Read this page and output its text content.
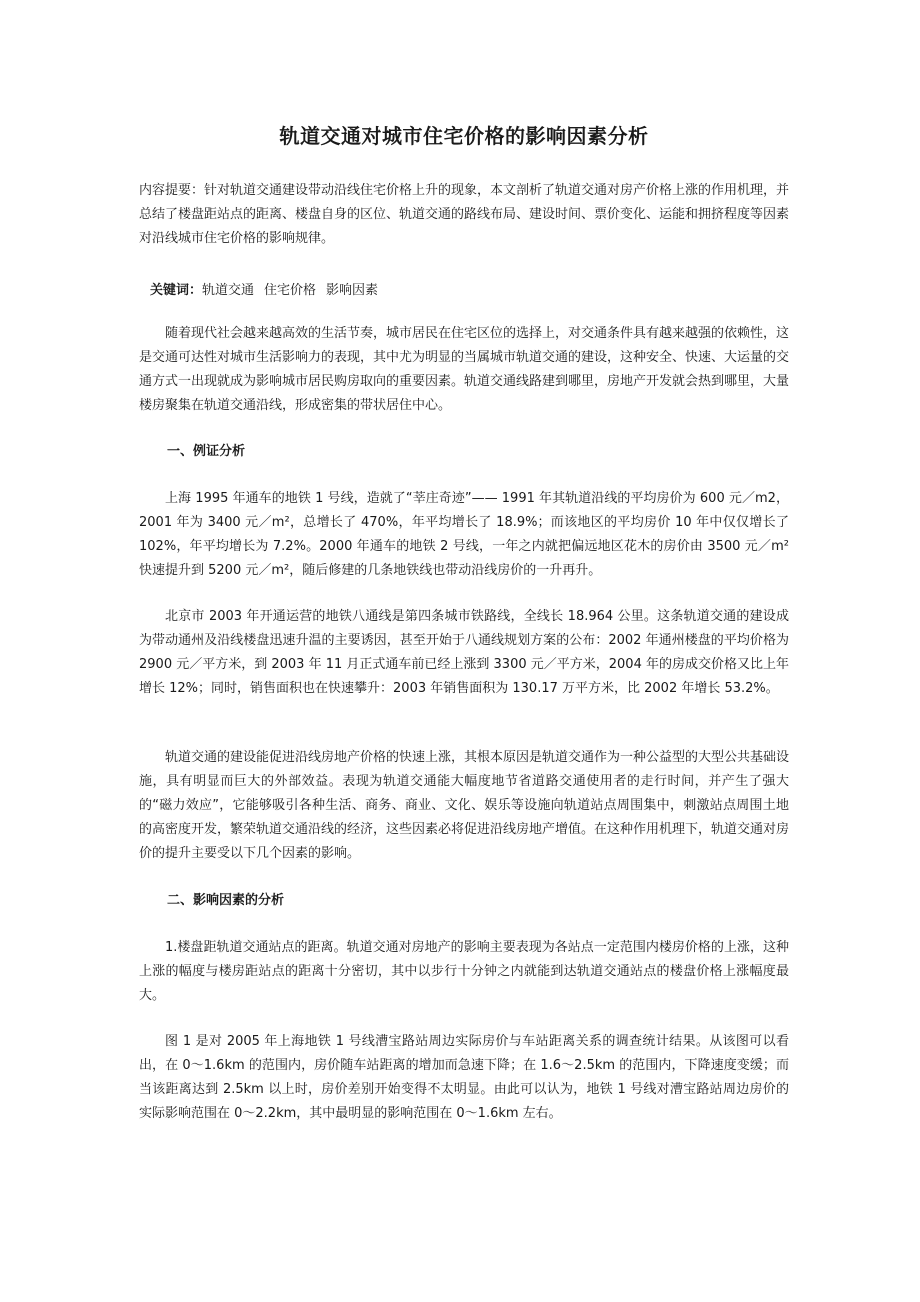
轨道交通对城市住宅价格的影响因素分析
内容提要：针对轨道交通建设带动沿线住宅价格上升的现象，本文剖析了轨道交通对房产价格上涨的作用机理，并总结了楼盘距站点的距离、楼盘自身的区位、轨道交通的路线布局、建设时间、票价变化、运能和拥挤程度等因素对沿线城市住宅价格的影响规律。
关键词：轨道交通 住宅价格 影响因素
随着现代社会越来越高效的生活节奏，城市居民在住宅区位的选择上，对交通条件具有越来越强的依赖性，这是交通可达性对城市生活影响力的表现，其中尤为明显的当属城市轨道交通的建设，这种安全、快速、大运量的交通方式一出现就成为影响城市居民购房取向的重要因素。轨道交通线路建到哪里，房地产开发就会热到哪里，大量楼房聚集在轨道交通沿线，形成密集的带状居住中心。
一、例证分析
上海 1995 年通车的地铁 1 号线，造就了“莘庄奇迹”—— 1991 年其轨道沿线的平均房价为 600 元／m2，2001 年为 3400 元／m²，总增长了 470%，年平均增长了 18.9%；而该地区的平均房价 10 年中仅仅增长了 102%，年平均增长为 7.2%。2000 年通车的地铁 2 号线，一年之内就把偏远地区花木的房价由 3500 元／m² 快速提升到 5200 元／m²，随后修建的几条地铁线也带动沿线房价的一升再升。
北京市 2003 年开通运营的地铁八通线是第四条城市铁路线，全线长 18.964 公里。这条轨道交通的建设成为带动通州及沿线楼盘迅速升温的主要诱因，甚至开始于八通线规划方案的公布：2002 年通州楼盘的平均价格为 2900 元／平方米，到 2003 年 11 月正式通车前已经上涨到 3300 元／平方米，2004 年的房成交价格又比上年增长 12%；同时，销售面积也在快速攀升：2003 年销售面积为 130.17 万平方米，比 2002 年增长 53.2%。
轨道交通的建设能促进沿线房地产价格的快速上涨，其根本原因是轨道交通作为一种公益型的大型公共基础设施，具有明显而巨大的外部效益。表现为轨道交通能大幅度地节省道路交通使用者的走行时间，并产生了强大的“磁力效应”，它能够吸引各种生活、商务、商业、文化、娱乐等设施向轨道站点周围集中，刺激站点周围土地的高密度开发，繁荣轨道交通沿线的经济，这些因素必将促进沿线房地产增值。在这种作用机理下，轨道交通对房价的提升主要受以下几个因素的影响。
二、影响因素的分析
1.楼盘距轨道交通站点的距离。轨道交通对房地产的影响主要表现为各站点一定范围内楼房价格的上涨，这种上涨的幅度与楼房距站点的距离十分密切，其中以步行十分钟之内就能到达轨道交通站点的楼盘价格上涨幅度最大。
图 1 是对 2005 年上海地铁 1 号线漕宝路站周边实际房价与车站距离关系的调查统计结果。从该图可以看出，在 0～1.6km 的范围内，房价随车站距离的增加而急速下降；在 1.6～2.5km 的范围内，下降速度变缓；而当该距离达到 2.5km 以上时，房价差别开始变得不太明显。由此可以认为，地铁 1 号线对漕宝路站周边房价的实际影响范围在 0～2.2km，其中最明显的影响范围在 0～1.6km 左右。
